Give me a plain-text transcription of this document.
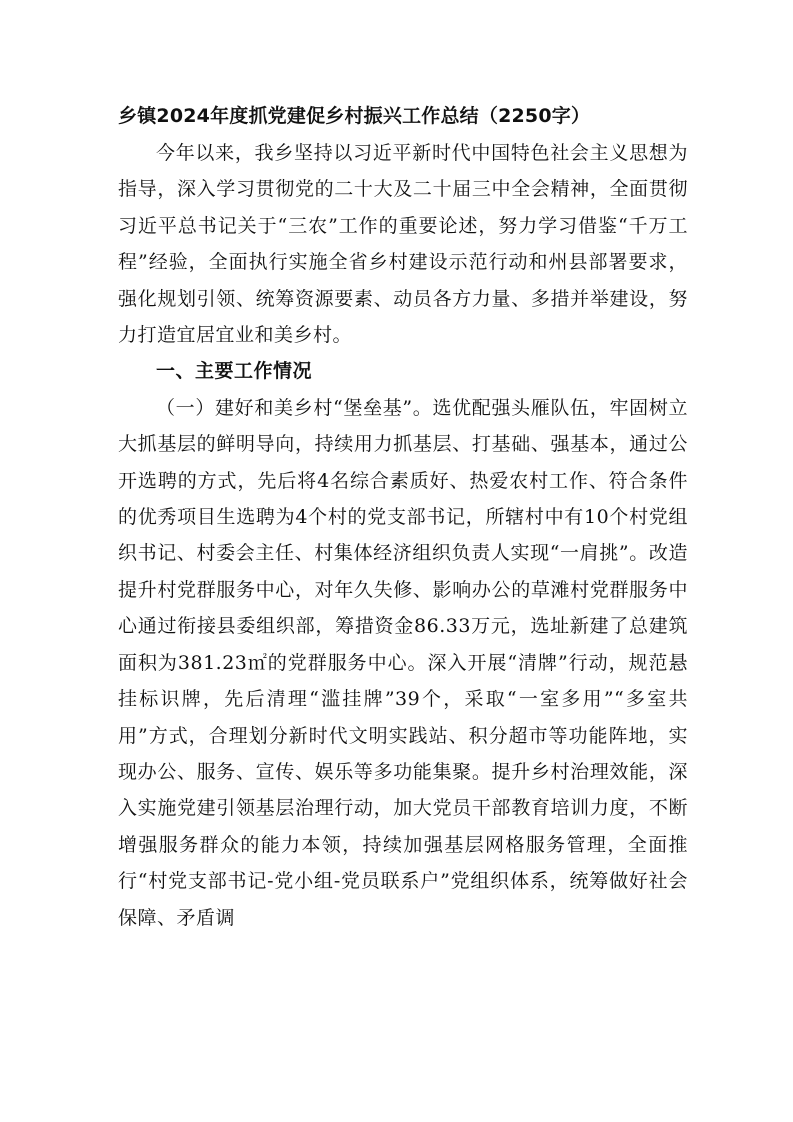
乡镇2024年度抓党建促乡村振兴工作总结（2250字）

今年以来，我乡坚持以习近平新时代中国特色社会主义思想为指导，深入学习贯彻党的二十大及二十届三中全会精神，全面贯彻习近平总书记关于“三农”工作的重要论述，努力学习借鉴“千万工程”经验，全面执行实施全省乡村建设示范行动和州县部署要求，强化规划引领、统筹资源要素、动员各方力量、多措并举建设，努力打造宜居宜业和美乡村。

一、主要工作情况

（一）建好和美乡村“堡垒基”。选优配强头雁队伍，牢固树立大抓基层的鲜明导向，持续用力抓基层、打基础、强基本，通过公开选聘的方式，先后将4名综合素质好、热爱农村工作、符合条件的优秀项目生选聘为4个村的党支部书记，所辖村中有10个村党组织书记、村委会主任、村集体经济组织负责人实现“一肩挑”。改造提升村党群服务中心，对年久失修、影响办公的草滩村党群服务中心通过衔接县委组织部，筹措资金86.33万元，选址新建了总建筑面积为381.23㎡的党群服务中心。深入开展“清牌”行动，规范悬挂标识牌，先后清理“滥挂牌”39个，采取“一室多用”“多室共用”方式，合理划分新时代文明实践站、积分超市等功能阵地，实现办公、服务、宣传、娱乐等多功能集聚。提升乡村治理效能，深入实施党建引领基层治理行动，加大党员干部教育培训力度，不断增强服务群众的能力本领，持续加强基层网格服务管理，全面推行“村党支部书记-党小组-党员联系户”党组织体系，统筹做好社会保障、矛盾调
